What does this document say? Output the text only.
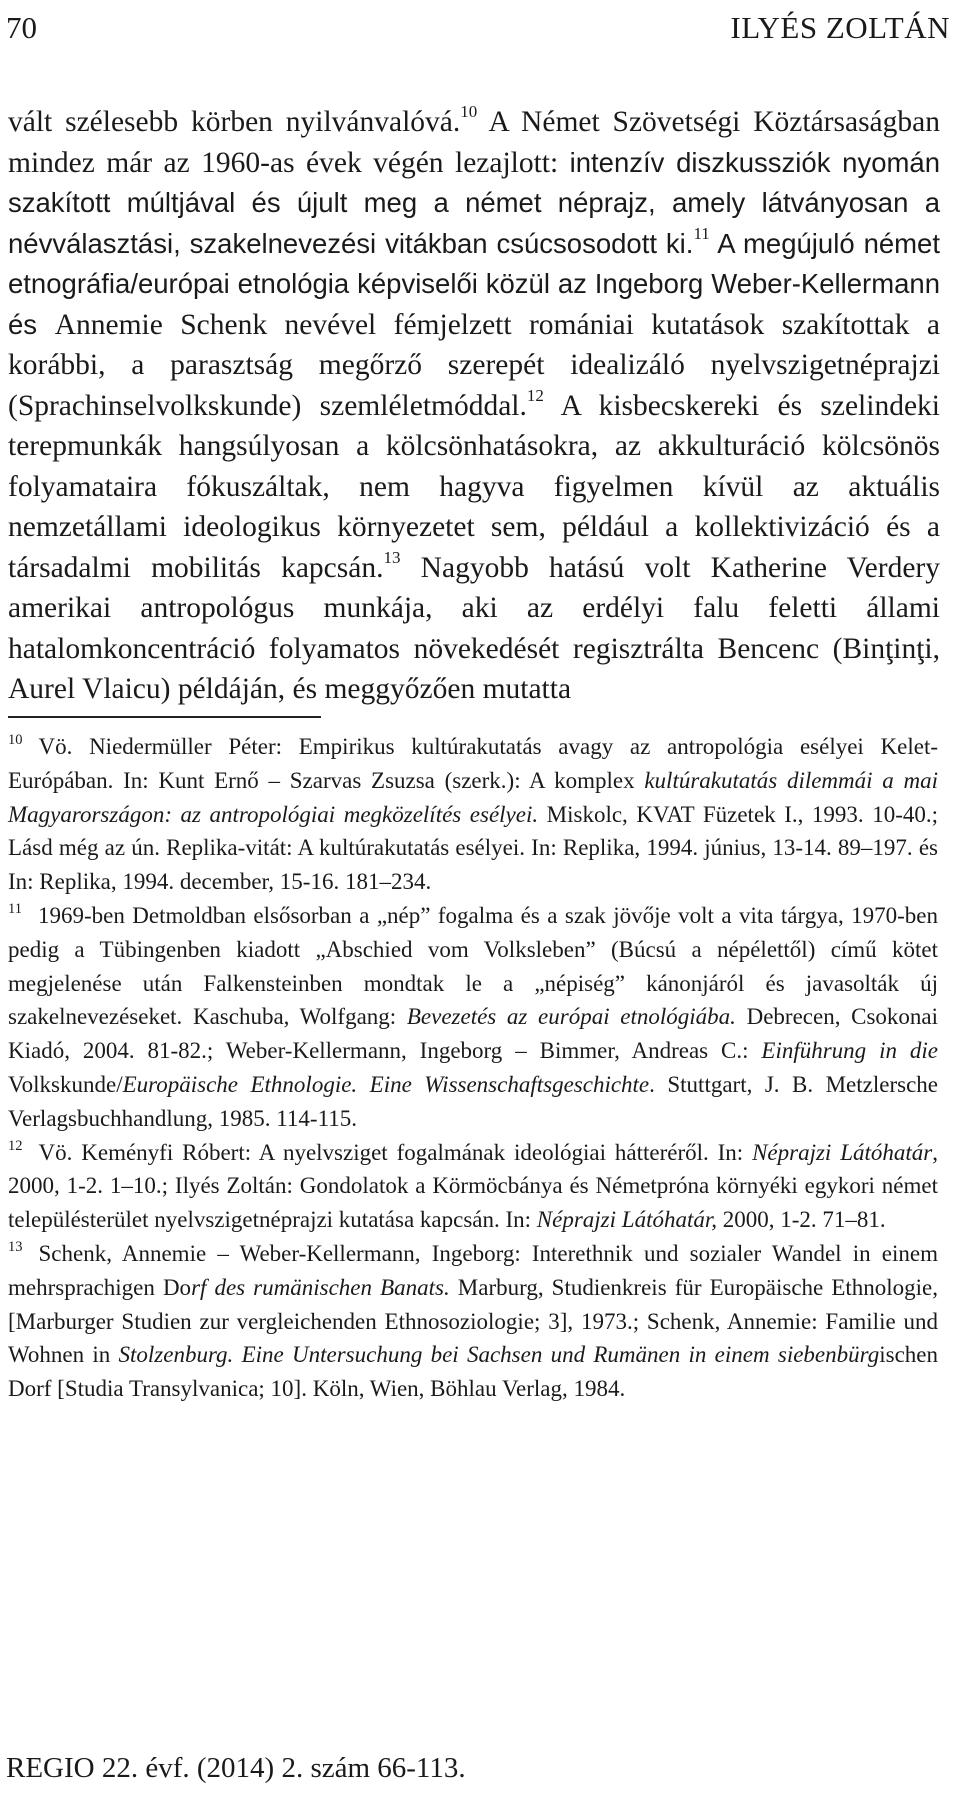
70	ILYÉS ZOLTÁN

vált szélesebb körben nyilvánvalóvá.$^{10}$ A Német Szövetségi Köztársaságban mindez már az 1960-as évek végén lezajlott: intenzív diszkussziók nyomán szakított múltjával és újult meg a német néprajz, amely látványosan a névválasztási, szakelnevezési vitákban csúcsosodott ki.$^{11}$ A megújuló német etnográfia/európai etnológia képviselői közül az Ingeborg Weber-Kellermann és Annemie Schenk nevével fémjelzett romániai kutatások szakítottak a korábbi, a parasztság megőrző szerepét idealizáló nyelvszigetnéprajzi (Sprachinselvolkskunde) szemléletmóddal.$^{12}$ A kisbecskereki és szelindeki terepmunkák hangsúlyosan a kölcsönhatásokra, az akkulturáció kölcsönös folyamataira fókuszáltak, nem hagyva figyelmen kívül az aktuális nemzetállami ideologikus környezetet sem, például a kollektivizáció és a társadalmi mobilitás kapcsán.$^{13}$ Nagyobb hatású volt Katherine Verdery amerikai antropológus munkája, aki az erdélyi falu feletti állami hatalomkoncentráció folyamatos növekedését regisztrálta Bencenc (Binţinţi, Aurel Vlaicu) példáján, és meggyőzően mutatta

$^{10}$ Vö. Niedermüller Péter: Empirikus kultúrakutatás avagy az antropológia esélyei Kelet-Európában. In: Kunt Ernő – Szarvas Zsuzsa (szerk.): A komplex kultúrakutatás dilemmái a mai Magyarországon: az antropológiai megközelítés esélyei. Miskolc, KVAT Füzetek I., 1993. 10-40.; Lásd még az ún. Replika-vitát: A kultúrakutatás esélyei. In: Replika, 1994. június, 13-14. 89–197. és In: Replika, 1994. december, 15-16. 181–234.

$^{11}$ 1969-ben Detmoldban elsősorban a „nép” fogalma és a szak jövője volt a vita tárgya, 1970-ben pedig a Tübingenben kiadott „Abschied vom Volksleben” (Búcsú a népélettől) című kötet megjelenése után Falkensteinben mondtak le a „népiség” kánonjáról és javasolták új szakelnevezéseket. Kaschuba, Wolfgang: Bevezetés az európai etnológiába. Debrecen, Csokonai Kiadó, 2004. 81-82.; Weber-Kellermann, Ingeborg – Bimmer, Andreas C.: Einführung in die Volkskunde/Europäische Ethnologie. Eine Wissenschaftsgeschichte. Stuttgart, J. B. Metzlersche Verlagsbuchhandlung, 1985. 114-115.

$^{12}$ Vö. Keményfi Róbert: A nyelvsziget fogalmának ideológiai hátteréről. In: Néprajzi Látóhatár, 2000, 1-2. 1–10.; Ilyés Zoltán: Gondolatok a Körmöcbánya és Németpróna környéki egykori német településterület nyelvszigetnéprajzi kutatása kapcsán. In: Néprajzi Látóhatár, 2000, 1-2. 71–81.

$^{13}$ Schenk, Annemie – Weber-Kellermann, Ingeborg: Interethnik und sozialer Wandel in einem mehrsprachigen Dorf des rumänischen Banats. Marburg, Studienkreis für Europäische Ethnologie, [Marburger Studien zur vergleichenden Ethnosoziologie; 3], 1973.; Schenk, Annemie: Familie und Wohnen in Stolzenburg. Eine Untersuchung bei Sachsen und Rumänen in einem siebenbürgischen Dorf [Studia Transylvanica; 10]. Köln, Wien, Böhlau Verlag, 1984.

REGIO 22. évf. (2014) 2. szám 66-113.
